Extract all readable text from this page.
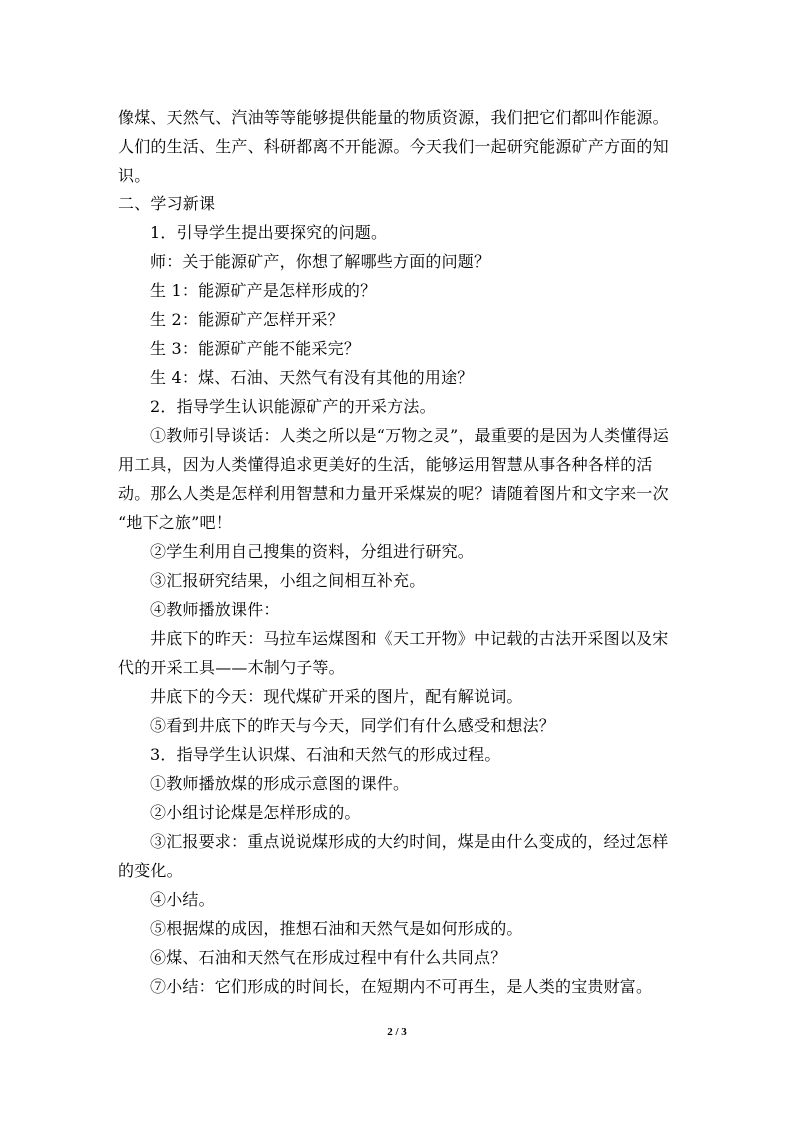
像煤、天然气、汽油等等能够提供能量的物质资源，我们把它们都叫作能源。
人们的生活、生产、科研都离不开能源。今天我们一起研究能源矿产方面的知
识。
二、学习新课
1．引导学生提出要探究的问题。
师：关于能源矿产，你想了解哪些方面的问题？
生 1：能源矿产是怎样形成的？
生 2：能源矿产怎样开采？
生 3：能源矿产能不能采完？
生 4：煤、石油、天然气有没有其他的用途？
2．指导学生认识能源矿产的开采方法。
①教师引导谈话：人类之所以是“万物之灵”，最重要的是因为人类懂得运
用工具，因为人类懂得追求更美好的生活，能够运用智慧从事各种各样的活
动。那么人类是怎样利用智慧和力量开采煤炭的呢？请随着图片和文字来一次
“地下之旅”吧！
②学生利用自己搜集的资料，分组进行研究。
③汇报研究结果，小组之间相互补充。
④教师播放课件：
井底下的昨天：马拉车运煤图和《天工开物》中记载的古法开采图以及宋
代的开采工具——木制勺子等。
井底下的今天：现代煤矿开采的图片，配有解说词。
⑤看到井底下的昨天与今天，同学们有什么感受和想法？
3．指导学生认识煤、石油和天然气的形成过程。
①教师播放煤的形成示意图的课件。
②小组讨论煤是怎样形成的。
③汇报要求：重点说说煤形成的大约时间，煤是由什么变成的，经过怎样
的变化。
④小结。
⑤根据煤的成因，推想石油和天然气是如何形成的。
⑥煤、石油和天然气在形成过程中有什么共同点？
⑦小结：它们形成的时间长，在短期内不可再生，是人类的宝贵财富。
2 / 3
